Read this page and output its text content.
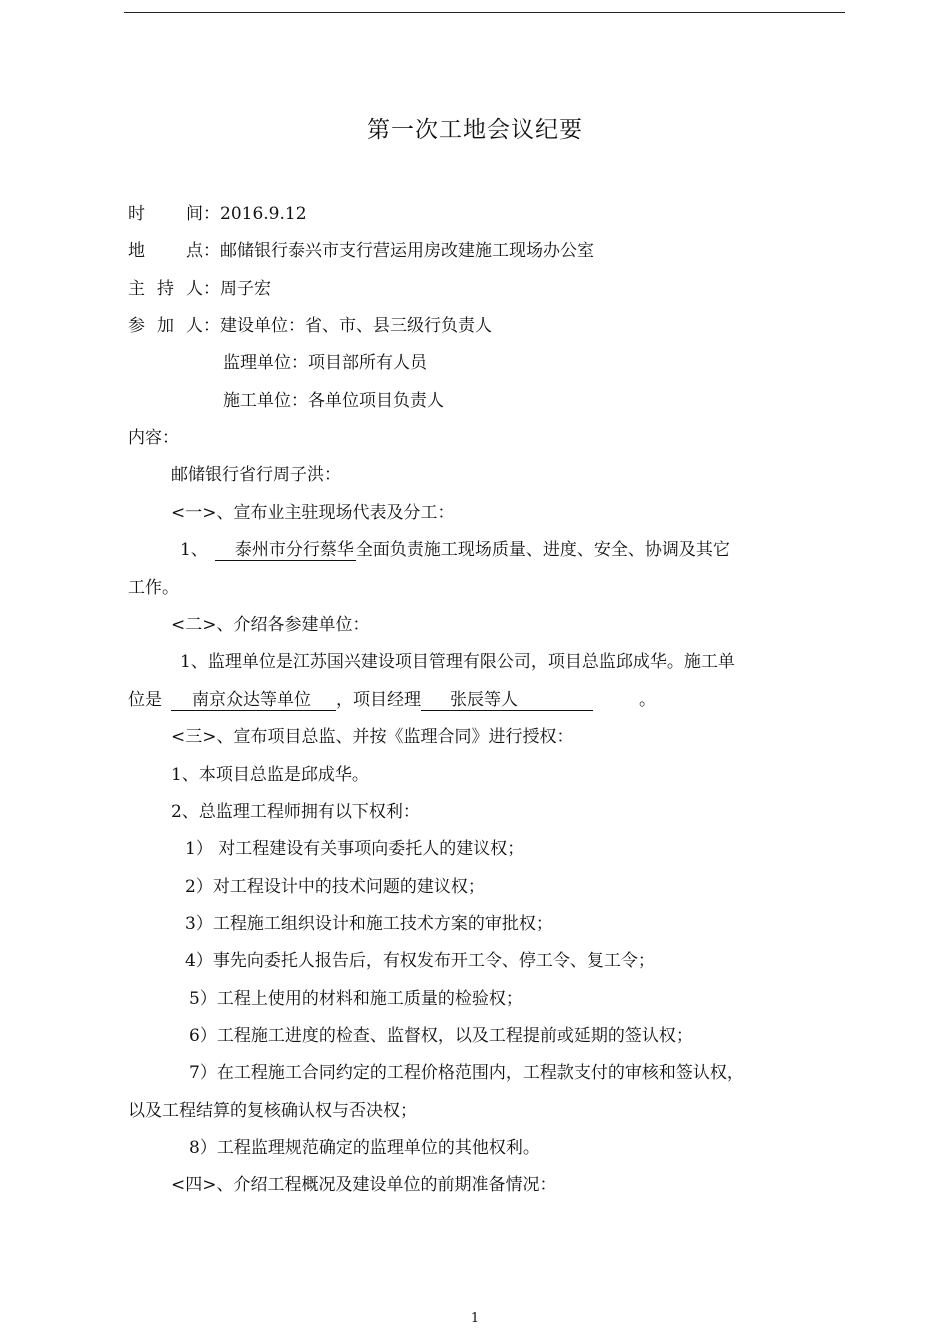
第一次工地会议纪要
时 间：2016.9.12
地 点：邮储银行泰兴市支行营运用房改建施工现场办公室
主 持 人：周子宏
参 加 人：建设单位：省、市、县三级行负责人
监理单位：项目部所有人员
施工单位：各单位项目负责人
内容：
邮储银行省行周子洪：
<一>、宣布业主驻现场代表及分工：
1、 泰州市分行蔡华 全面负责施工现场质量、进度、安全、协调及其它
工作。
<二>、介绍各参建单位：
1、监理单位是江苏国兴建设项目管理有限公司，项目总监邱成华。施工单
位是 南京众达等单位 ，项目经理 张辰等人	。
<三>、宣布项目总监、并按《监理合同》进行授权：
1、本项目总监是邱成华。
2、总监理工程师拥有以下权利：
1） 对工程建设有关事项向委托人的建议权；
2）对工程设计中的技术问题的建议权；
3）工程施工组织设计和施工技术方案的审批权；
4）事先向委托人报告后，有权发布开工令、停工令、复工令；
5）工程上使用的材料和施工质量的检验权；
6）工程施工进度的检查、监督权，以及工程提前或延期的签认权；
7）在工程施工合同约定的工程价格范围内，工程款支付的审核和签认权，
以及工程结算的复核确认权与否决权；
8）工程监理规范确定的监理单位的其他权利。
<四>、介绍工程概况及建设单位的前期准备情况：
1
